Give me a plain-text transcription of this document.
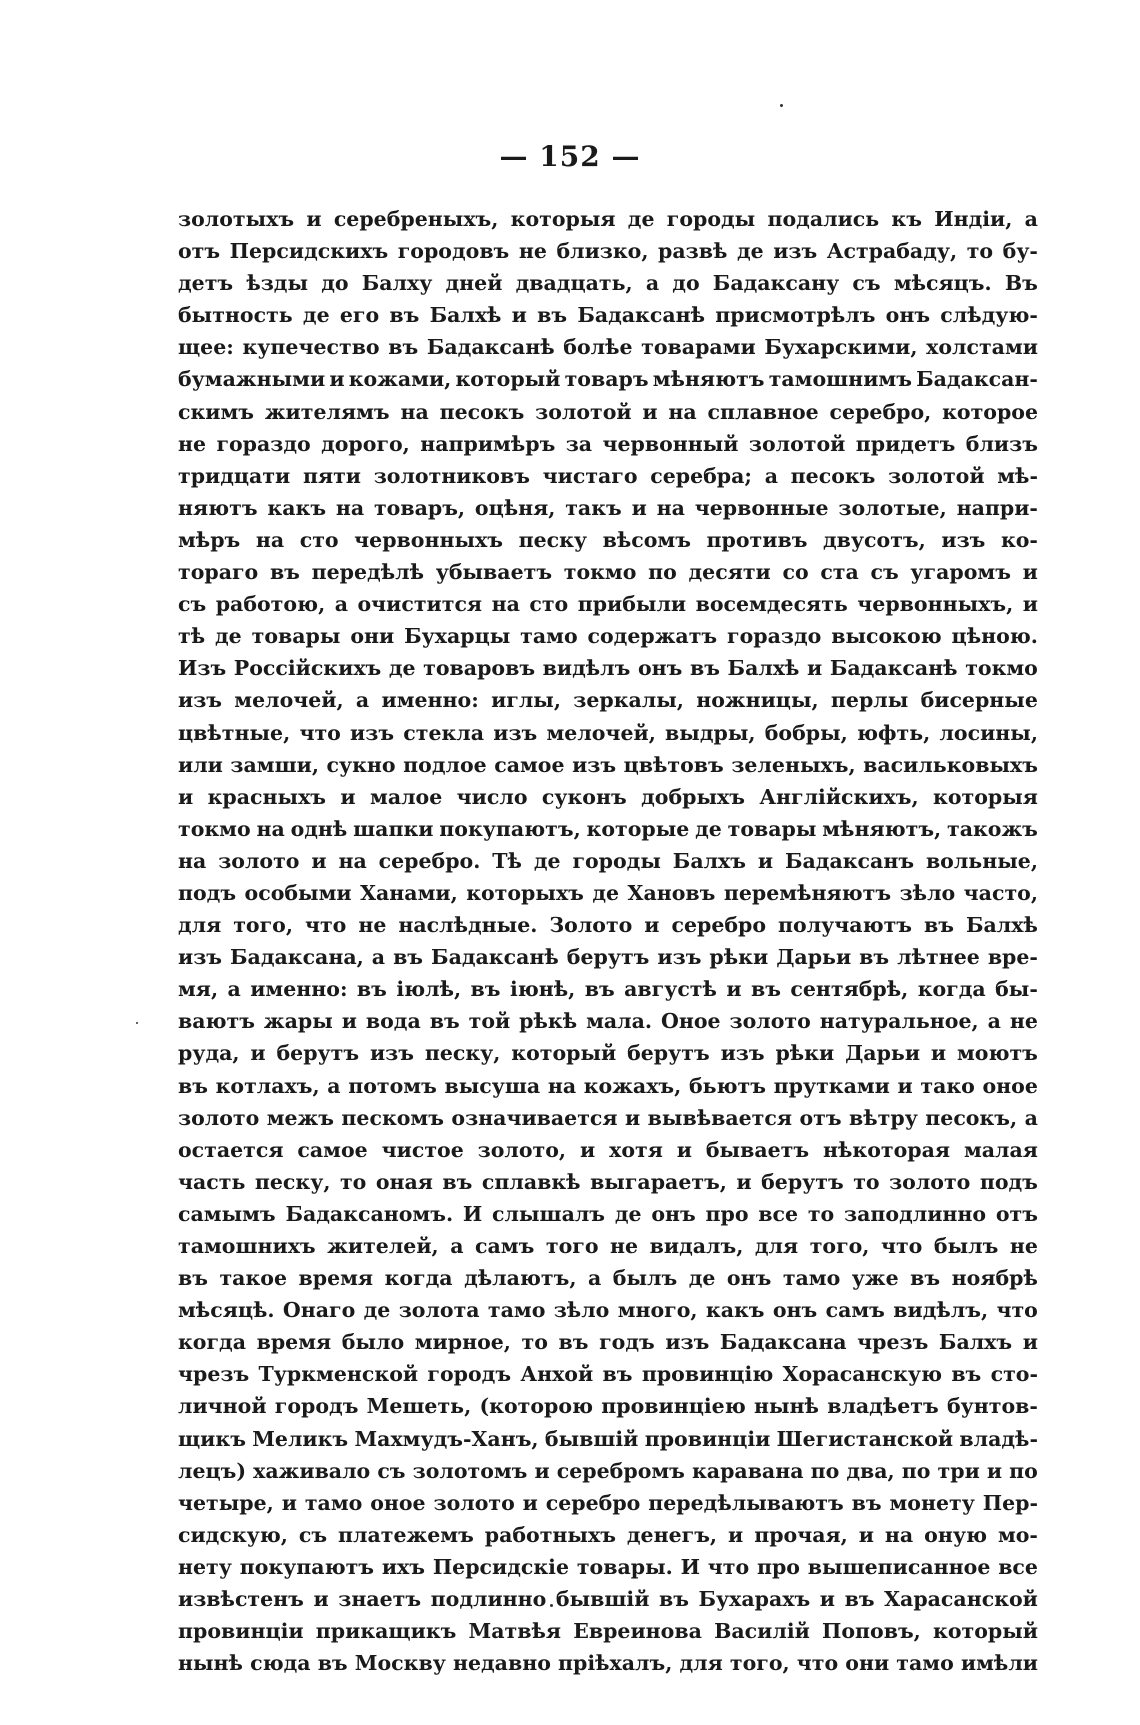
— 152 —
золотыхъ и серебреныхъ, которыя де городы подались къ Индіи, а
отъ Персидскихъ городовъ не близко, развѣ де изъ Астрабаду, то бу-
детъ ѣзды до Балху дней двадцать, а до Бадаксану съ мѣсяцъ. Въ
бытность де его въ Балхѣ и въ Бадаксанѣ присмотрѣлъ онъ слѣдую-
щее: купечество въ Бадаксанѣ болѣе товарами Бухарскими, холстами
бумажными и кожами, который товаръ мѣняютъ тамошнимъ Бадаксан-
скимъ жителямъ на песокъ золотой и на сплавное серебро, которое
не гораздо дорого, напримѣръ за червонный золотой придетъ близъ
тридцати пяти золотниковъ чистаго серебра; а песокъ золотой мѣ-
няютъ какъ на товаръ, оцѣня, такъ и на червонные золотые, напри-
мѣръ на сто червонныхъ песку вѣсомъ противъ двусотъ, изъ ко-
тораго въ передѣлѣ убываетъ токмо по десяти со ста съ угаромъ и
съ работою, а очистится на сто прибыли восемдесять червонныхъ, и
тѣ де товары они Бухарцы тамо содержатъ гораздо высокою цѣною.
Изъ Россійскихъ де товаровъ видѣлъ онъ въ Балхѣ и Бадаксанѣ токмо
изъ мелочей, а именно: иглы, зеркалы, ножницы, перлы бисерные
цвѣтные, что изъ стекла изъ мелочей, выдры, бобры, юфть, лосины,
или замши, сукно подлое самое изъ цвѣтовъ зеленыхъ, васильковыхъ
и красныхъ и малое число суконъ добрыхъ Англійскихъ, которыя
токмо на однѣ шапки покупаютъ, которые де товары мѣняютъ, такожъ
на золото и на серебро. Тѣ де городы Балхъ и Бадаксанъ вольные,
подъ особыми Ханами, которыхъ де Хановъ перемѣняютъ зѣло часто,
для того, что не наслѣдные. Золото и серебро получаютъ въ Балхѣ
изъ Бадаксана, а въ Бадаксанѣ берутъ изъ рѣки Дарьи въ лѣтнее вре-
мя, а именно: въ іюлѣ, въ іюнѣ, въ августѣ и въ сентябрѣ, когда бы-
ваютъ жары и вода въ той рѣкѣ мала. Оное золото натуральное, а не
руда, и берутъ изъ песку, который берутъ изъ рѣки Дарьи и моютъ
въ котлахъ, а потомъ высуша на кожахъ, бьютъ прутками и тако оное
золото межъ пескомъ означивается и вывѣвается отъ вѣтру песокъ, а
остается самое чистое золото, и хотя и бываетъ нѣкоторая малая
часть песку, то оная въ сплавкѣ выгараетъ, и берутъ то золото подъ
самымъ Бадаксаномъ. И слышалъ де онъ про все то заподлинно отъ
тамошнихъ жителей, а самъ того не видалъ, для того, что былъ не
въ такое время когда дѣлаютъ, а былъ де онъ тамо уже въ ноябрѣ
мѣсяцѣ. Онаго де золота тамо зѣло много, какъ онъ самъ видѣлъ, что
когда время было мирное, то въ годъ изъ Бадаксана чрезъ Балхъ и
чрезъ Туркменской городъ Анхой въ провинцію Хорасанскую въ сто-
личной городъ Мешеть, (которою провинціею нынѣ владѣетъ бунтов-
щикъ Меликъ Махмудъ-Ханъ, бывшій провинціи Шегистанской владѣ-
лецъ) хаживало съ золотомъ и серебромъ каравана по два, по три и по
четыре, и тамо оное золото и серебро передѣлываютъ въ монету Пер-
сидскую, съ платежемъ работныхъ денегъ, и прочая, и на оную мо-
нету покупаютъ ихъ Персидскіе товары. И что про вышеписанное все
извѣстенъ и знаетъ подлинно бывшій въ Бухарахъ и въ Харасанской
провинціи прикащикъ Матвѣя Евреинова Василій Поповъ, который
нынѣ сюда въ Москву недавно пріѣхалъ, для того, что они тамо имѣли
